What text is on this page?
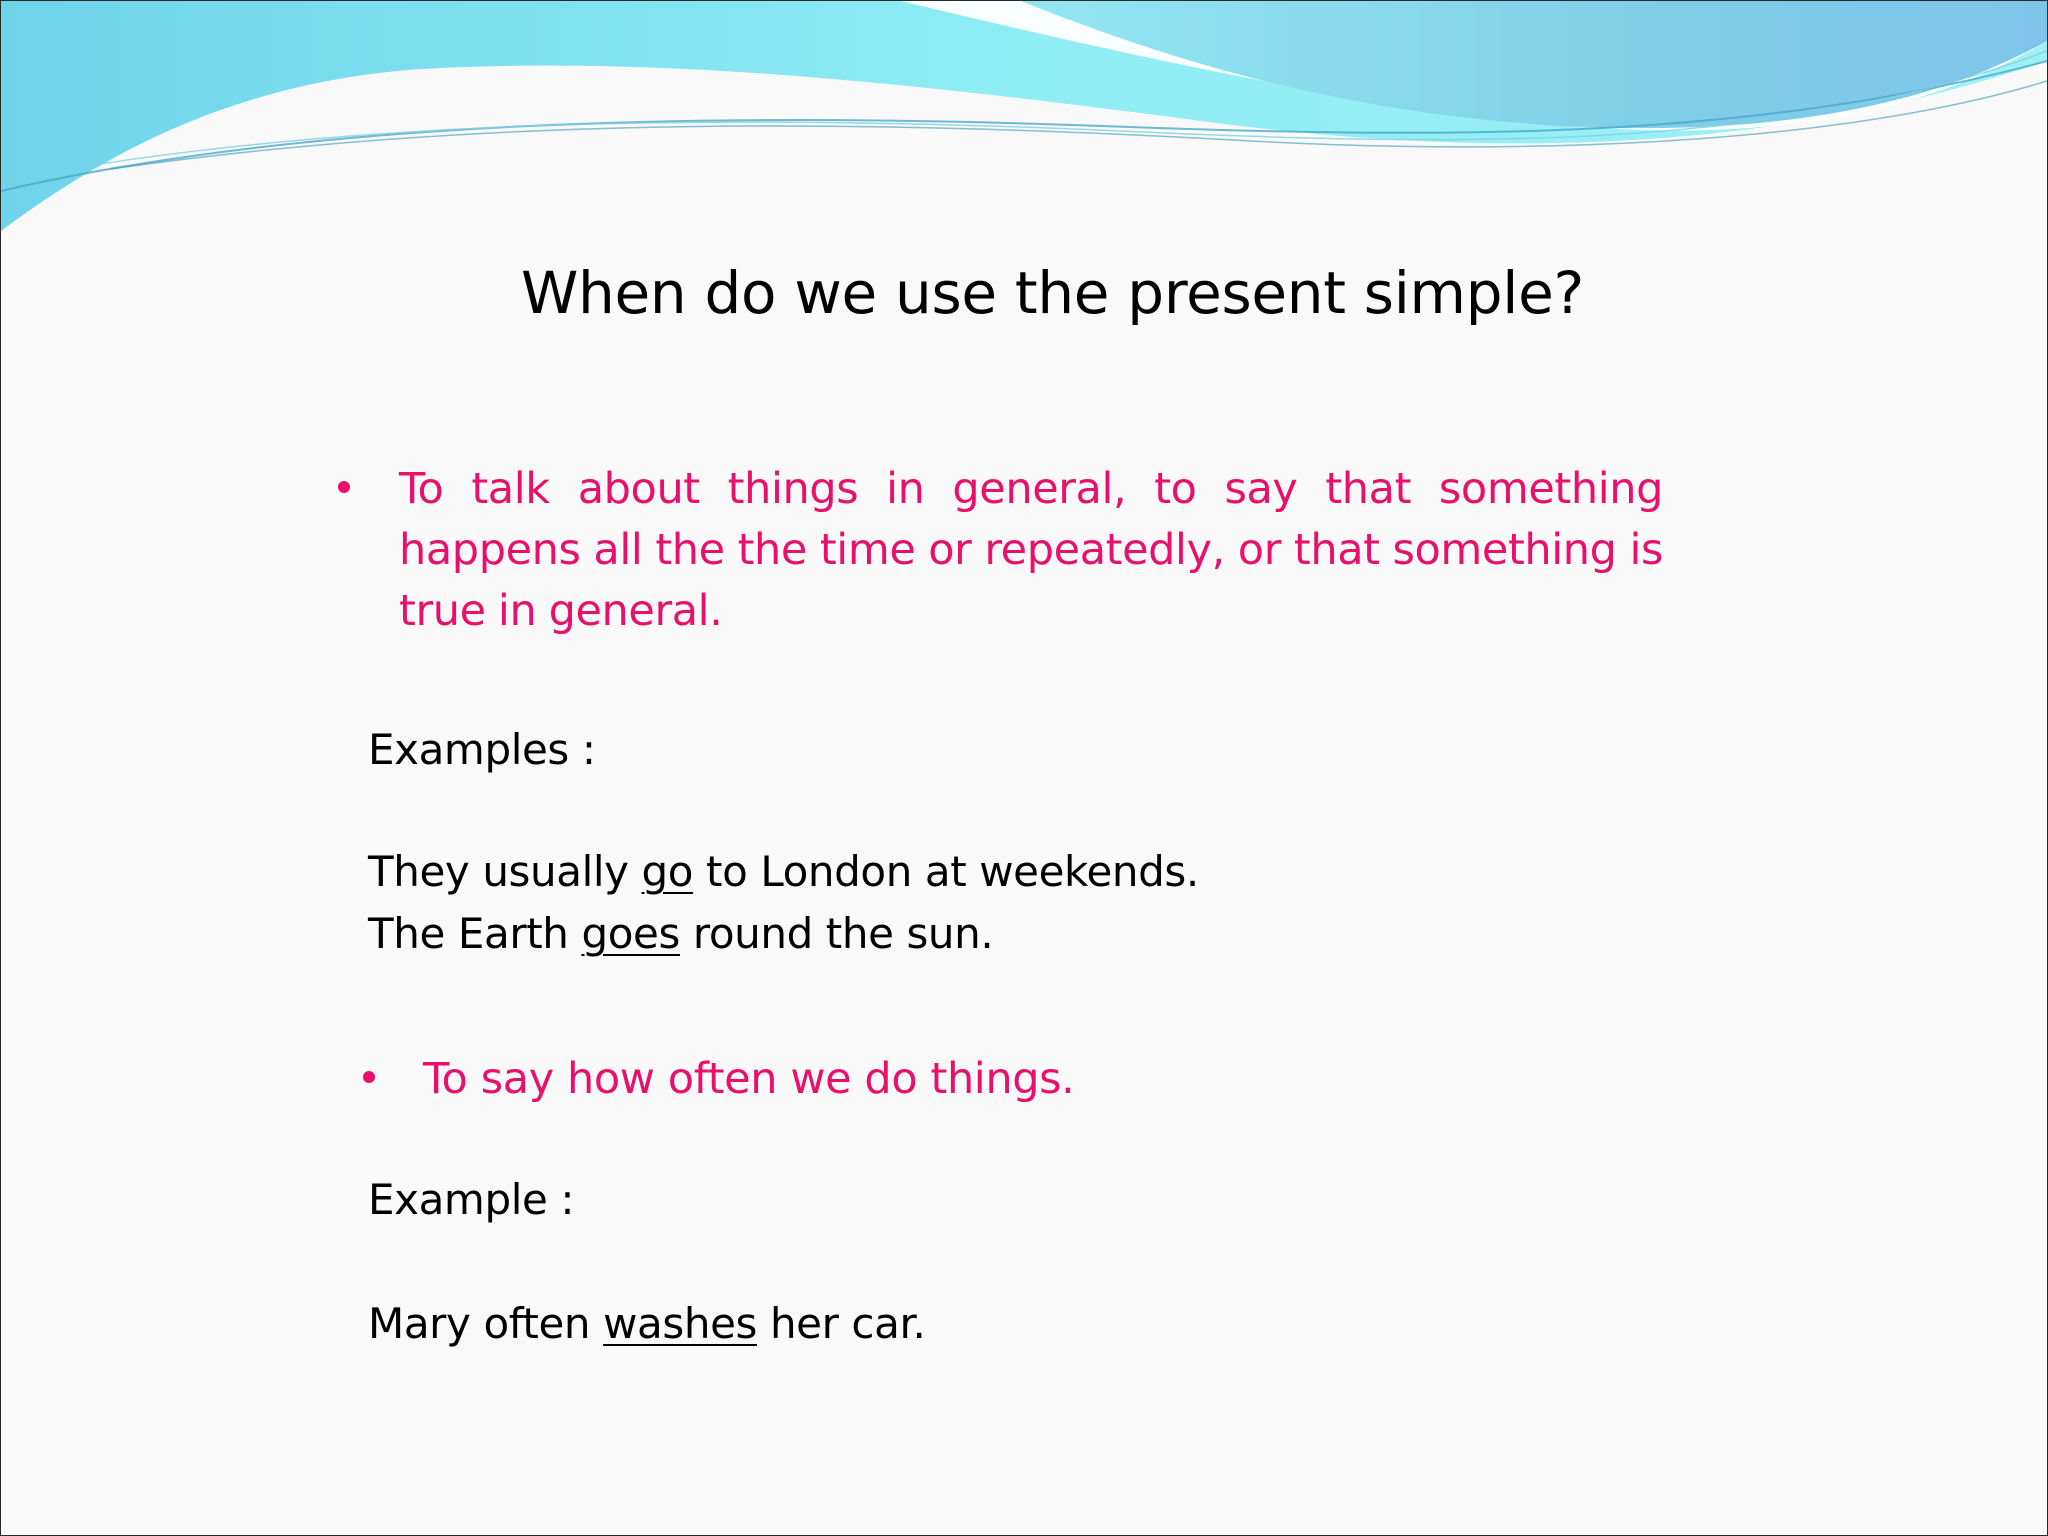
When do we use the present simple?
To talk about things in general, to say that something happens all the the time or repeatedly, or that something is true in general.
Examples :
They usually go to London at weekends.
The Earth goes round the sun.
To say how often we do things.
Example :
Mary often washes her car.
